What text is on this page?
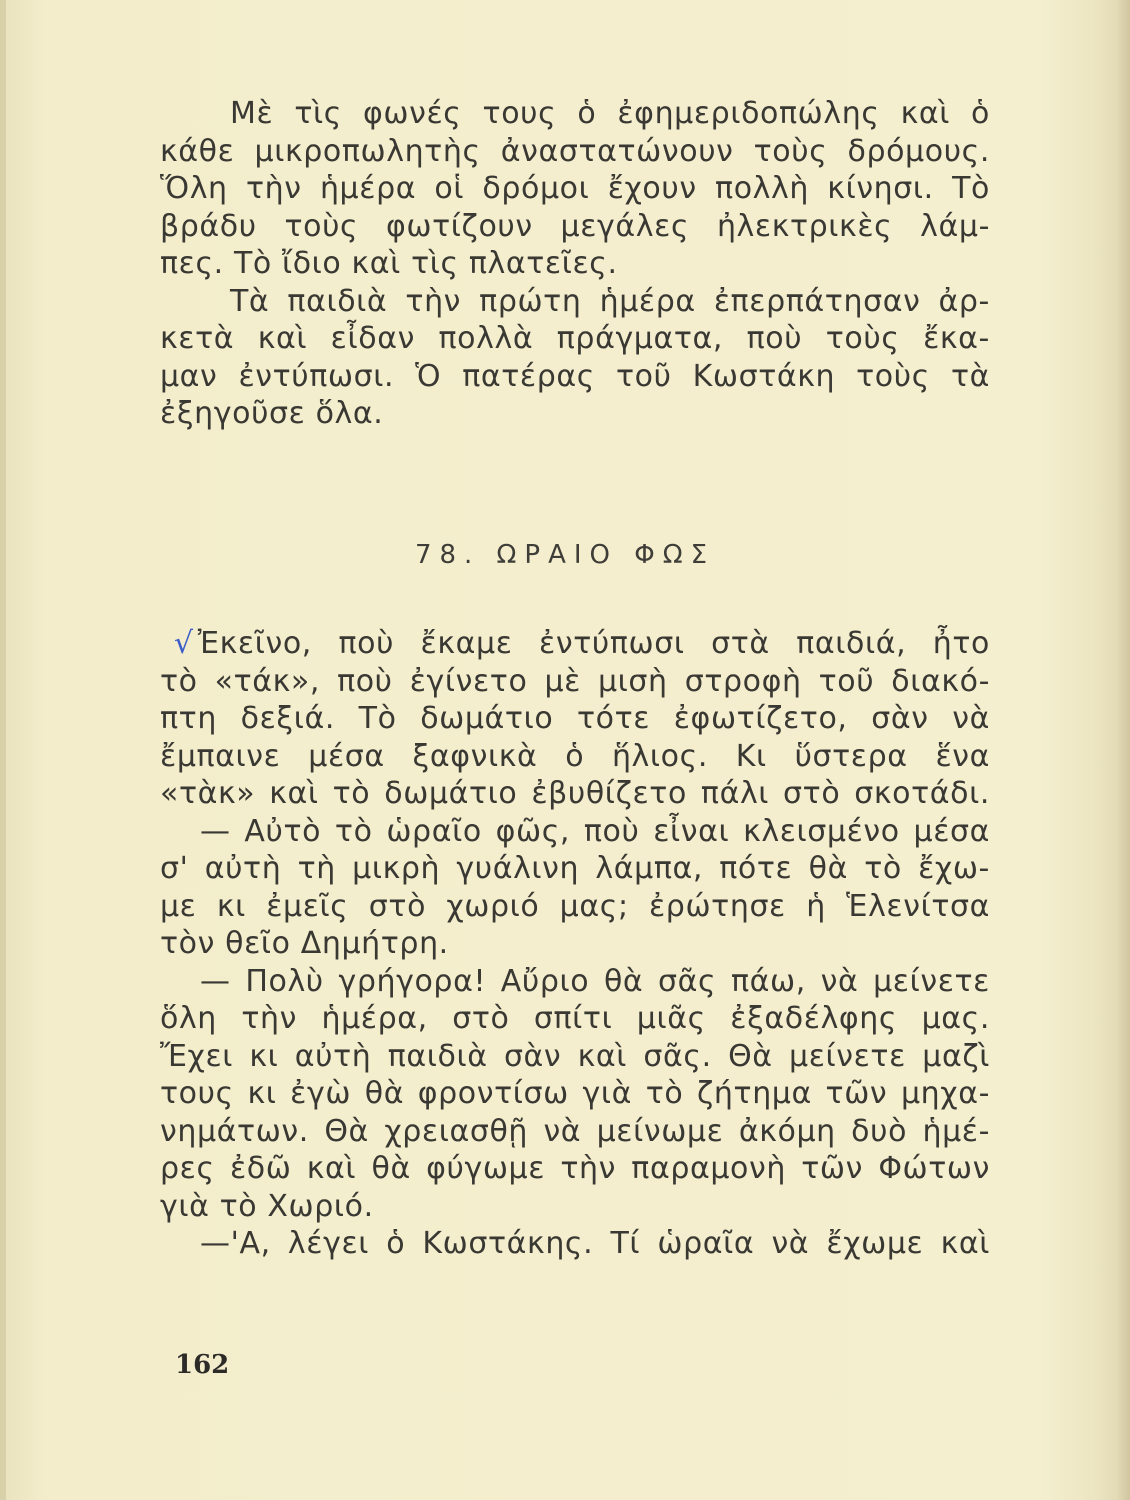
Μὲ τὶς φωνές τους ὁ ἐφημεριδοπώλης καὶ ὁ
κάθε μικροπωλητὴς ἀναστατώνουν τοὺς δρόμους.
Ὅλη τὴν ἡμέρα οἱ δρόμοι ἔχουν πολλὴ κίνησι. Τὸ
βράδυ τοὺς φωτίζουν μεγάλες ἠλεκτρικὲς λάμ-
πες. Τὸ ἴδιο καὶ τὶς πλατεῖες.
Τὰ παιδιὰ τὴν πρώτη ἡμέρα ἐπερπάτησαν ἀρ-
κετὰ καὶ εἶδαν πολλὰ πράγματα, ποὺ τοὺς ἔκα-
μαν ἐντύπωσι. Ὁ πατέρας τοῦ Κωστάκη τοὺς τὰ
ἐξηγοῦσε ὅλα.
78. ΩΡΑΙΟ ΦΩΣ
√ Ἐκεῖνο, ποὺ ἔκαμε ἐντύπωσι στὰ παιδιά, ἦτο
τὸ «τάκ», ποὺ ἐγίνετο μὲ μισὴ στροφὴ τοῦ διακό-
πτη δεξιά. Τὸ δωμάτιο τότε ἐφωτίζετο, σὰν νὰ
ἔμπαινε μέσα ξαφνικὰ ὁ ἥλιος. Κι ὕστερα ἕνα
«τὰκ» καὶ τὸ δωμάτιο ἐβυθίζετο πάλι στὸ σκοτάδι.
— Αὐτὸ τὸ ὡραῖο φῶς, ποὺ εἶναι κλεισμένο μέσα
σ' αὐτὴ τὴ μικρὴ γυάλινη λάμπα, πότε θὰ τὸ ἔχω-
με κι ἐμεῖς στὸ χωριό μας; ἐρώτησε ἡ Ἑλενίτσα
τὸν θεῖο Δημήτρη.
— Πολὺ γρήγορα! Αὔριο θὰ σᾶς πάω, νὰ μείνετε
ὅλη τὴν ἡμέρα, στὸ σπίτι μιᾶς ἐξαδέλφης μας.
Ἔχει κι αὐτὴ παιδιὰ σὰν καὶ σᾶς. Θὰ μείνετε μαζὶ
τους κι ἐγὼ θὰ φροντίσω γιὰ τὸ ζήτημα τῶν μηχα-
νημάτων. Θὰ χρειασθῇ νὰ μείνωμε ἀκόμη δυὸ ἡμέ-
ρες ἐδῶ καὶ θὰ φύγωμε τὴν παραμονὴ τῶν Φώτων
γιὰ τὸ Χωριό.
—'Α, λέγει ὁ Κωστάκης. Τί ὡραῖα νὰ ἔχωμε καὶ
162
